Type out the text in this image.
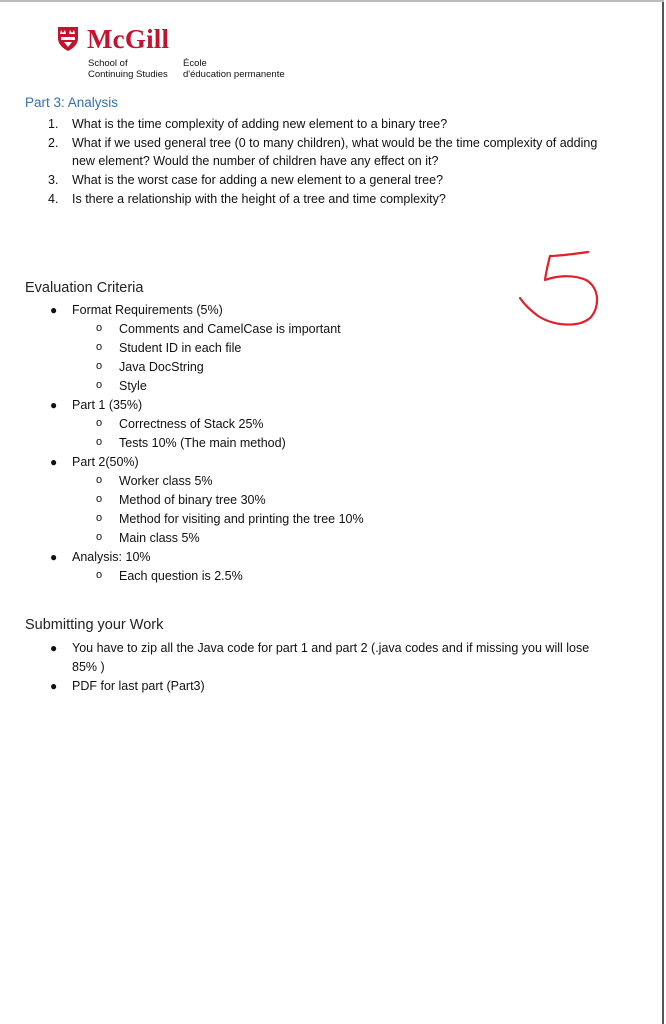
McGill
School of
Continuing Studies
École
d'éducation permanente
Part 3: Analysis
1. What is the time complexity of adding new element to a binary tree?
2. What if we used general tree (0 to many children), what would be the time complexity of adding
new element? Would the number of children have any effect on it?
3. What is the worst case for adding a new element to a general tree?
4. Is there a relationship with the height of a tree and time complexity?
Evaluation Criteria
● Format Requirements (5%)
o Comments and CamelCase is important
o Student ID in each file
o Java DocString
o Style
● Part 1 (35%)
o Correctness of Stack 25%
o Tests 10% (The main method)
● Part 2(50%)
o Worker class 5%
o Method of binary tree 30%
o Method for visiting and printing the tree 10%
o Main class 5%
● Analysis: 10%
o Each question is 2.5%
Submitting your Work
● You have to zip all the Java code for part 1 and part 2 (.java codes and if missing you will lose
85% )
● PDF for last part (Part3)
